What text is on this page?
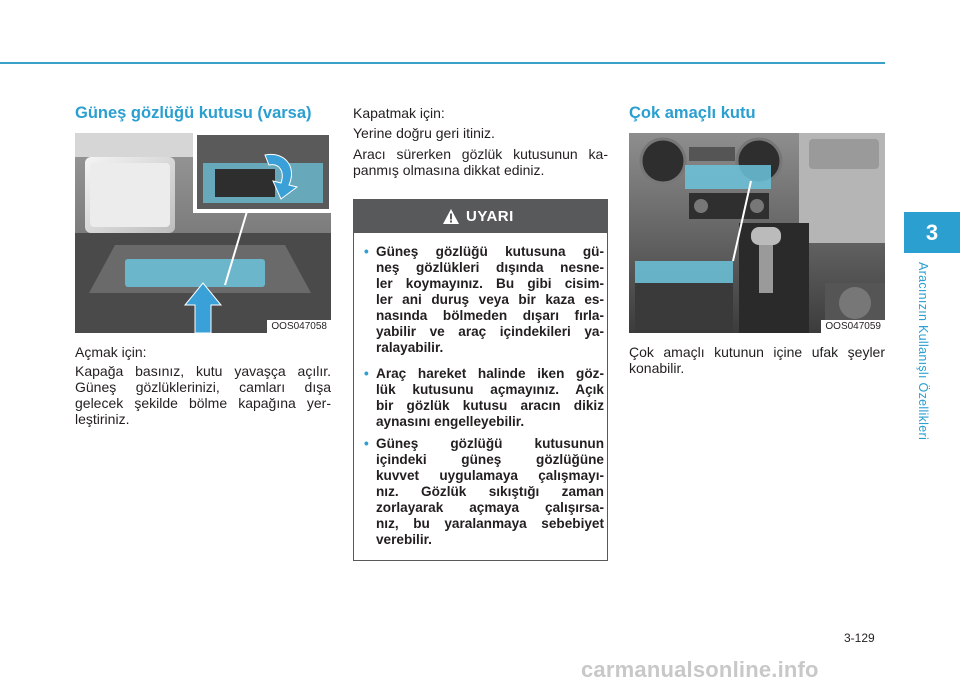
Güneş gözlüğü kutusu (varsa)
OOS047058
Açmak için:
Kapağa basınız, kutu yavaşça açılır.
Güneş gözlüklerinizi, camları dışa
gelecek şekilde bölme kapağına yer-
leştiriniz.
Kapatmak için:
Yerine doğru geri itiniz.
Aracı sürerken gözlük kutusunun ka-
panmış olmasına dikkat ediniz.
UYARI
• Güneş gözlüğü kutusuna gü-
neş gözlükleri dışında nesne-
ler koymayınız. Bu gibi cisim-
ler ani duruş veya bir kaza es-
nasında bölmeden dışarı fırla-
yabilir ve araç içindekileri ya-
ralayabilir.
• Araç hareket halinde iken göz-
lük kutusunu açmayınız. Açık
bir gözlük kutusu aracın dikiz
aynasını engelleyebilir.
• Güneş gözlüğü kutusunun
içindeki güneş gözlüğüne
kuvvet uygulamaya çalışmayı-
nız. Gözlük sıkıştığı zaman
zorlayarak açmaya çalışırsa-
nız, bu yaralanmaya sebebiyet
verebilir.
Çok amaçlı kutu
OOS047059
Çok amaçlı kutunun içine ufak şeyler
konabilir.
3
Aracınızın Kullanışlı Özellikleri
3-129
carmanualsonline.info
